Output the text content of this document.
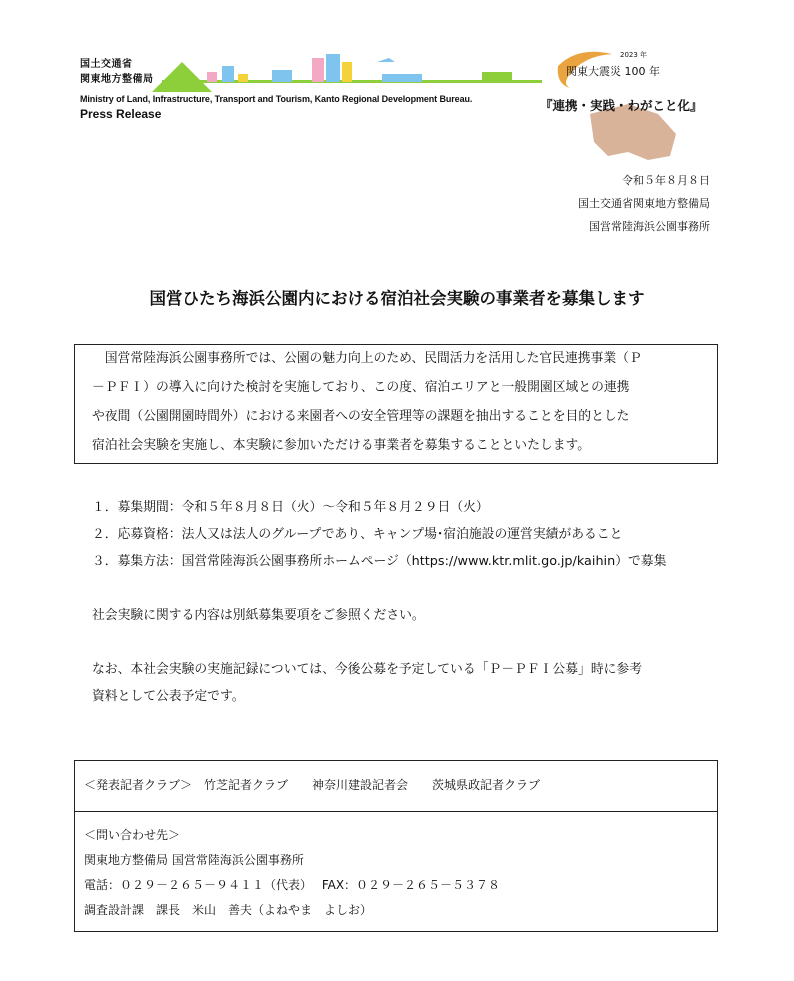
国土交通省
関東地方整備局
Ministry of Land, Infrastructure, Transport and Tourism, Kanto Regional Development Bureau.
Press Release
2023 年
関東大震災 100 年
『連携・実践・わがこと化』
令和５年８月８日
国土交通省関東地方整備局
国営常陸海浜公園事務所
国営ひたち海浜公園内における宿泊社会実験の事業者を募集します
　国営常陸海浜公園事務所では、公園の魅力向上のため、民間活力を活用した官民連携事業（Ｐ
－ＰＦＩ）の導入に向けた検討を実施しており、この度、宿泊エリアと一般開園区域との連携
や夜間（公園開園時間外）における来園者への安全管理等の課題を抽出することを目的とした
宿泊社会実験を実施し、本実験に参加いただける事業者を募集することといたします。
１．募集期間：令和５年８月８日（火）～令和５年８月２９日（火）
２．応募資格：法人又は法人のグループであり、キャンプ場･宿泊施設の運営実績があること
３．募集方法：国営常陸海浜公園事務所ホームページ（https://www.ktr.mlit.go.jp/kaihin）で募集
社会実験に関する内容は別紙募集要項をご参照ください。
なお、本社会実験の実施記録については、今後公募を予定している「Ｐ－ＰＦＩ公募」時に参考
資料として公表予定です。
＜発表記者クラブ＞　竹芝記者クラブ　　神奈川建設記者会　　茨城県政記者クラブ
＜問い合わせ先＞
関東地方整備局 国営常陸海浜公園事務所
電話：０２９－２６５－９４１１（代表）　 FAX：０２９－２６５－５３７８
調査設計課　課長　米山　善夫（よねやま　よしお）
